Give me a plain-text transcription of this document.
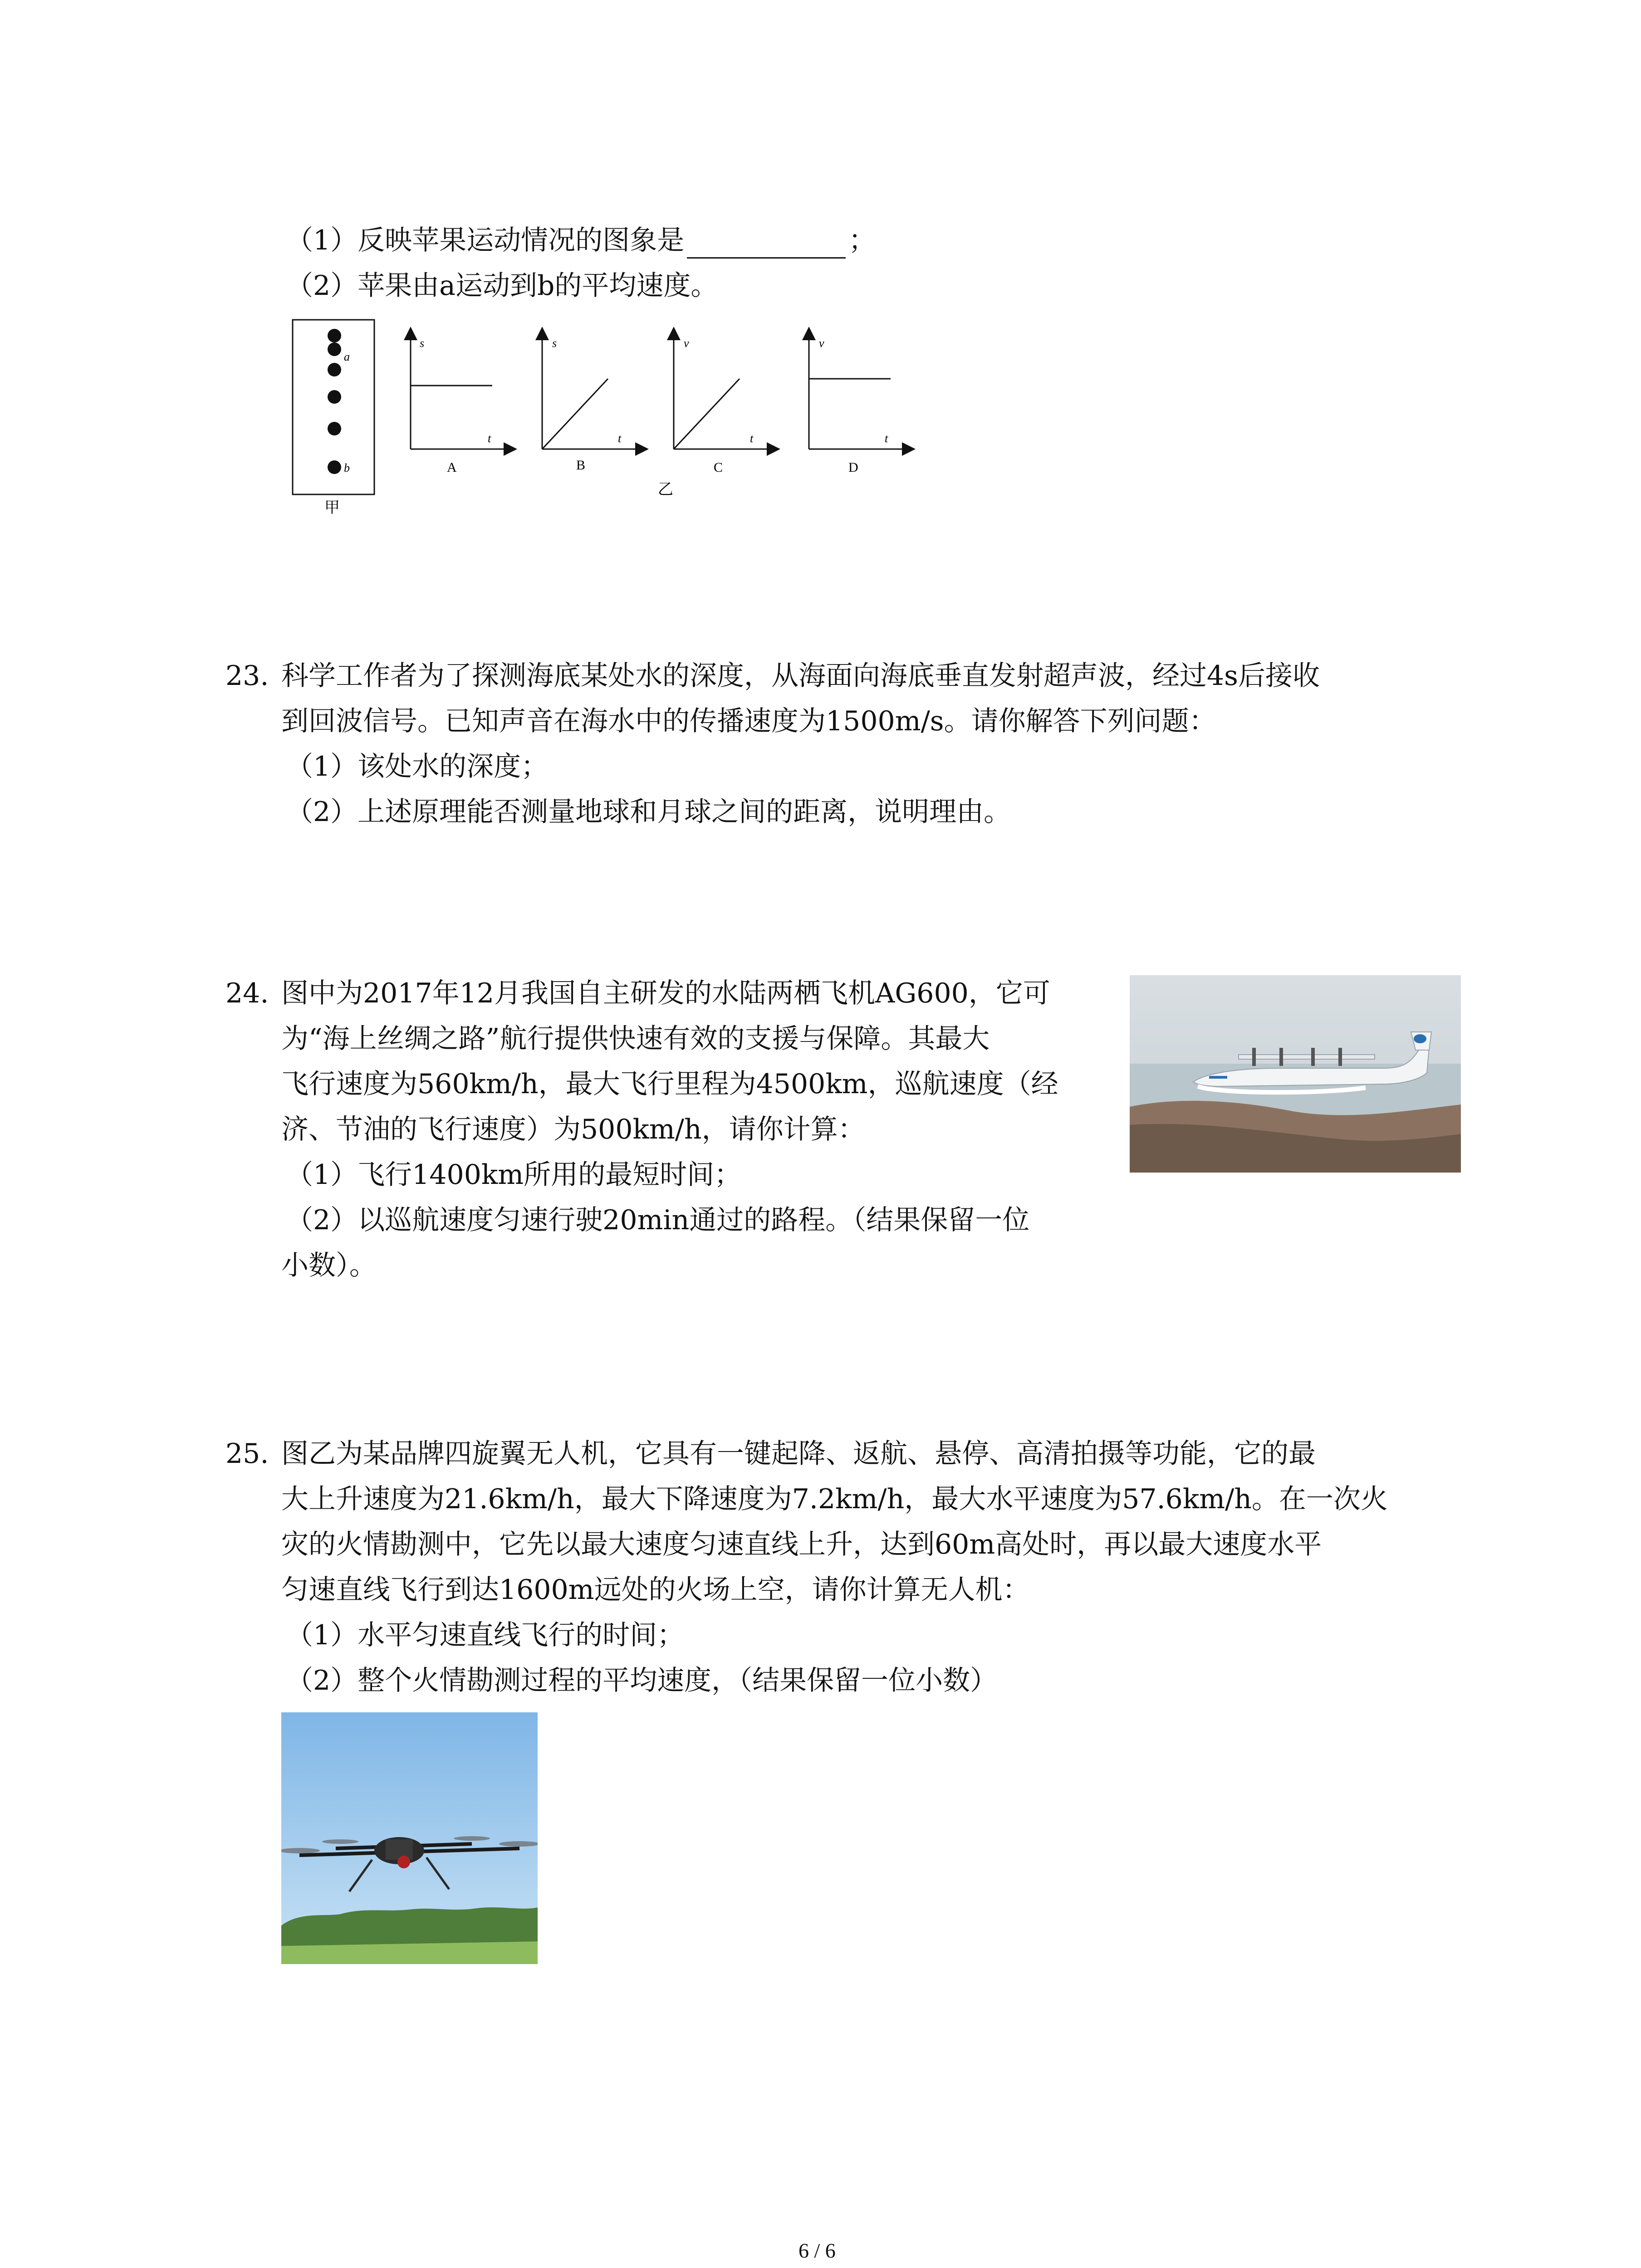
（1）反映苹果运动情况的图象是	；
（2）苹果由a运动到b的平均速度。
a
b
甲
s
t
A
s
t
B
v
t
C
v
t
D
乙
23. 科学工作者为了探测海底某处水的深度，从海面向海底垂直发射超声波，经过4s后接收
到回波信号。已知声音在海水中的传播速度为1500m/s。请你解答下列问题：
（1）该处水的深度；
（2）上述原理能否测量地球和月球之间的距离，说明理由。
24. 图中为2017年12月我国自主研发的水陆两栖飞机AG600，它可
为“海上丝绸之路”航行提供快速有效的支援与保障。其最大
飞行速度为560km/h，最大飞行里程为4500km，巡航速度（经
济、节油的飞行速度）为500km/h，请你计算：
（1）飞行1400km所用的最短时间；
（2）以巡航速度匀速行驶20min通过的路程。（结果保留一位
小数）。
25. 图乙为某品牌四旋翼无人机，它具有一键起降、返航、悬停、高清拍摄等功能，它的最
大上升速度为21.6km/h，最大下降速度为7.2km/h，最大水平速度为57.6km/h。在一次火
灾的火情勘测中，它先以最大速度匀速直线上升，达到60m高处时，再以最大速度水平
匀速直线飞行到达1600m远处的火场上空，请你计算无人机：
（1）水平匀速直线飞行的时间；
（2）整个火情勘测过程的平均速度，（结果保留一位小数）
6 / 6
